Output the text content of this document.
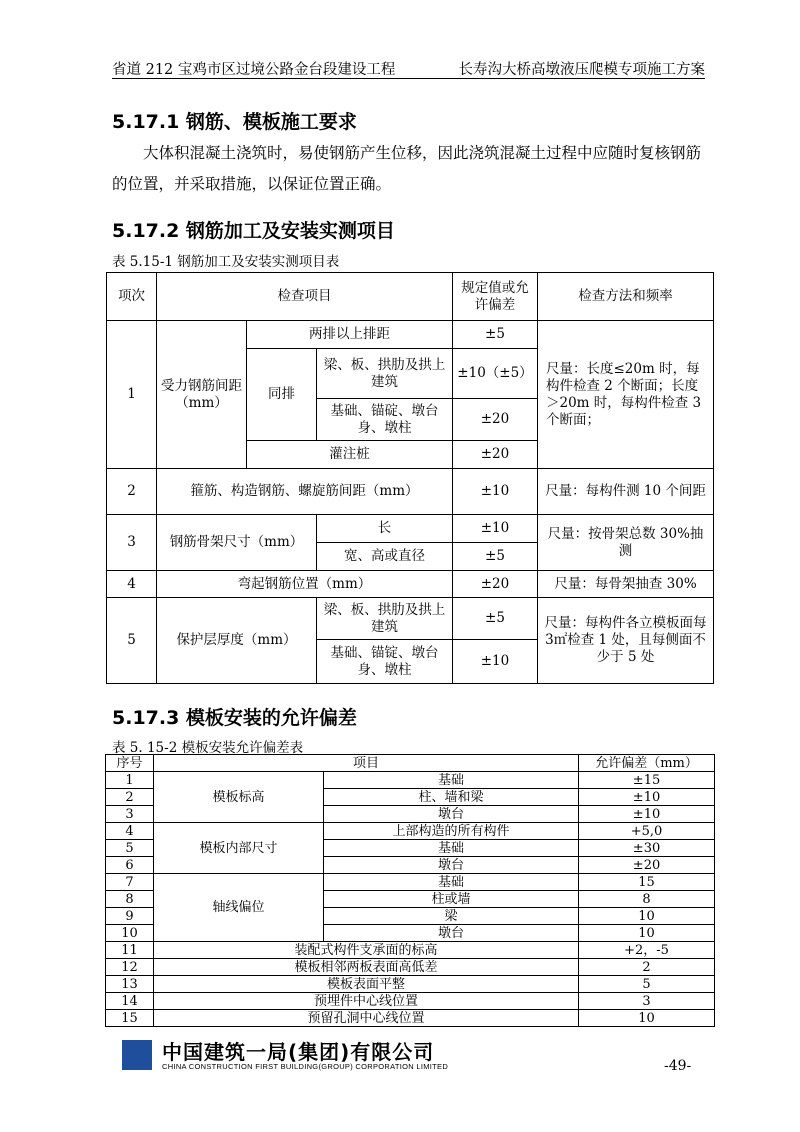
省道 212 宝鸡市区过境公路金台段建设工程	长寿沟大桥高墩液压爬模专项施工方案
5.17.1 钢筋、模板施工要求

大体积混凝土浇筑时，易使钢筋产生位移，因此浇筑混凝土过程中应随时复核钢筋的位置，并采取措施，以保证位置正确。

5.17.2 钢筋加工及安装实测项目

表 5.15-1 钢筋加工及安装实测项目表

项次	检查项目			规定值或允许偏差	检查方法和频率
1	受力钢筋间距（mm）	两排以上排距		±5	尺量：长度≤20m 时，每构件检查 2 个断面；长度＞20m 时，每构件检查 3 个断面；
		同排	梁、板、拱肋及拱上建筑	±10（±5）	
			基础、锚碇、墩台身、墩柱	±20	
		灌注桩		±20	
2	箍筋、构造钢筋、螺旋筋间距（mm）			±10	尺量：每构件测 10 个间距
3	钢筋骨架尺寸（mm）		长	±10	尺量：按骨架总数 30%抽测
			宽、高或直径	±5	
4	弯起钢筋位置（mm）			±20	尺量：每骨架抽查 30%
5	保护层厚度（mm）		梁、板、拱肋及拱上建筑	±5	尺量：每构件各立模板面每 3㎡检查 1 处，且每侧面不少于 5 处
			基础、锚锭、墩台身、墩柱	±10	
5.17.3 模板安装的允许偏差

表 5. 15-2 模板安装允许偏差表

序号	项目		允许偏差（mm）
1	模板标高	基础	±15
2		柱、墙和梁	±10
3		墩台	±10
4	模板内部尺寸	上部构造的所有构件	+5,0
5		基础	±30
6		墩台	±20
7	轴线偏位	基础	15
8		柱或墙	8
9		梁	10
10		墩台	10
11	装配式构件支承面的标高		+2，-5
12	模板相邻两板表面高低差		2
13	模板表面平整		5
14	预埋件中心线位置		3
15	预留孔洞中心线位置		10
中国建筑一局(集团)有限公司
CHINA CONSTRUCTION FIRST BUILDING(GROUP) CORPORATION LIMITED	-49-
